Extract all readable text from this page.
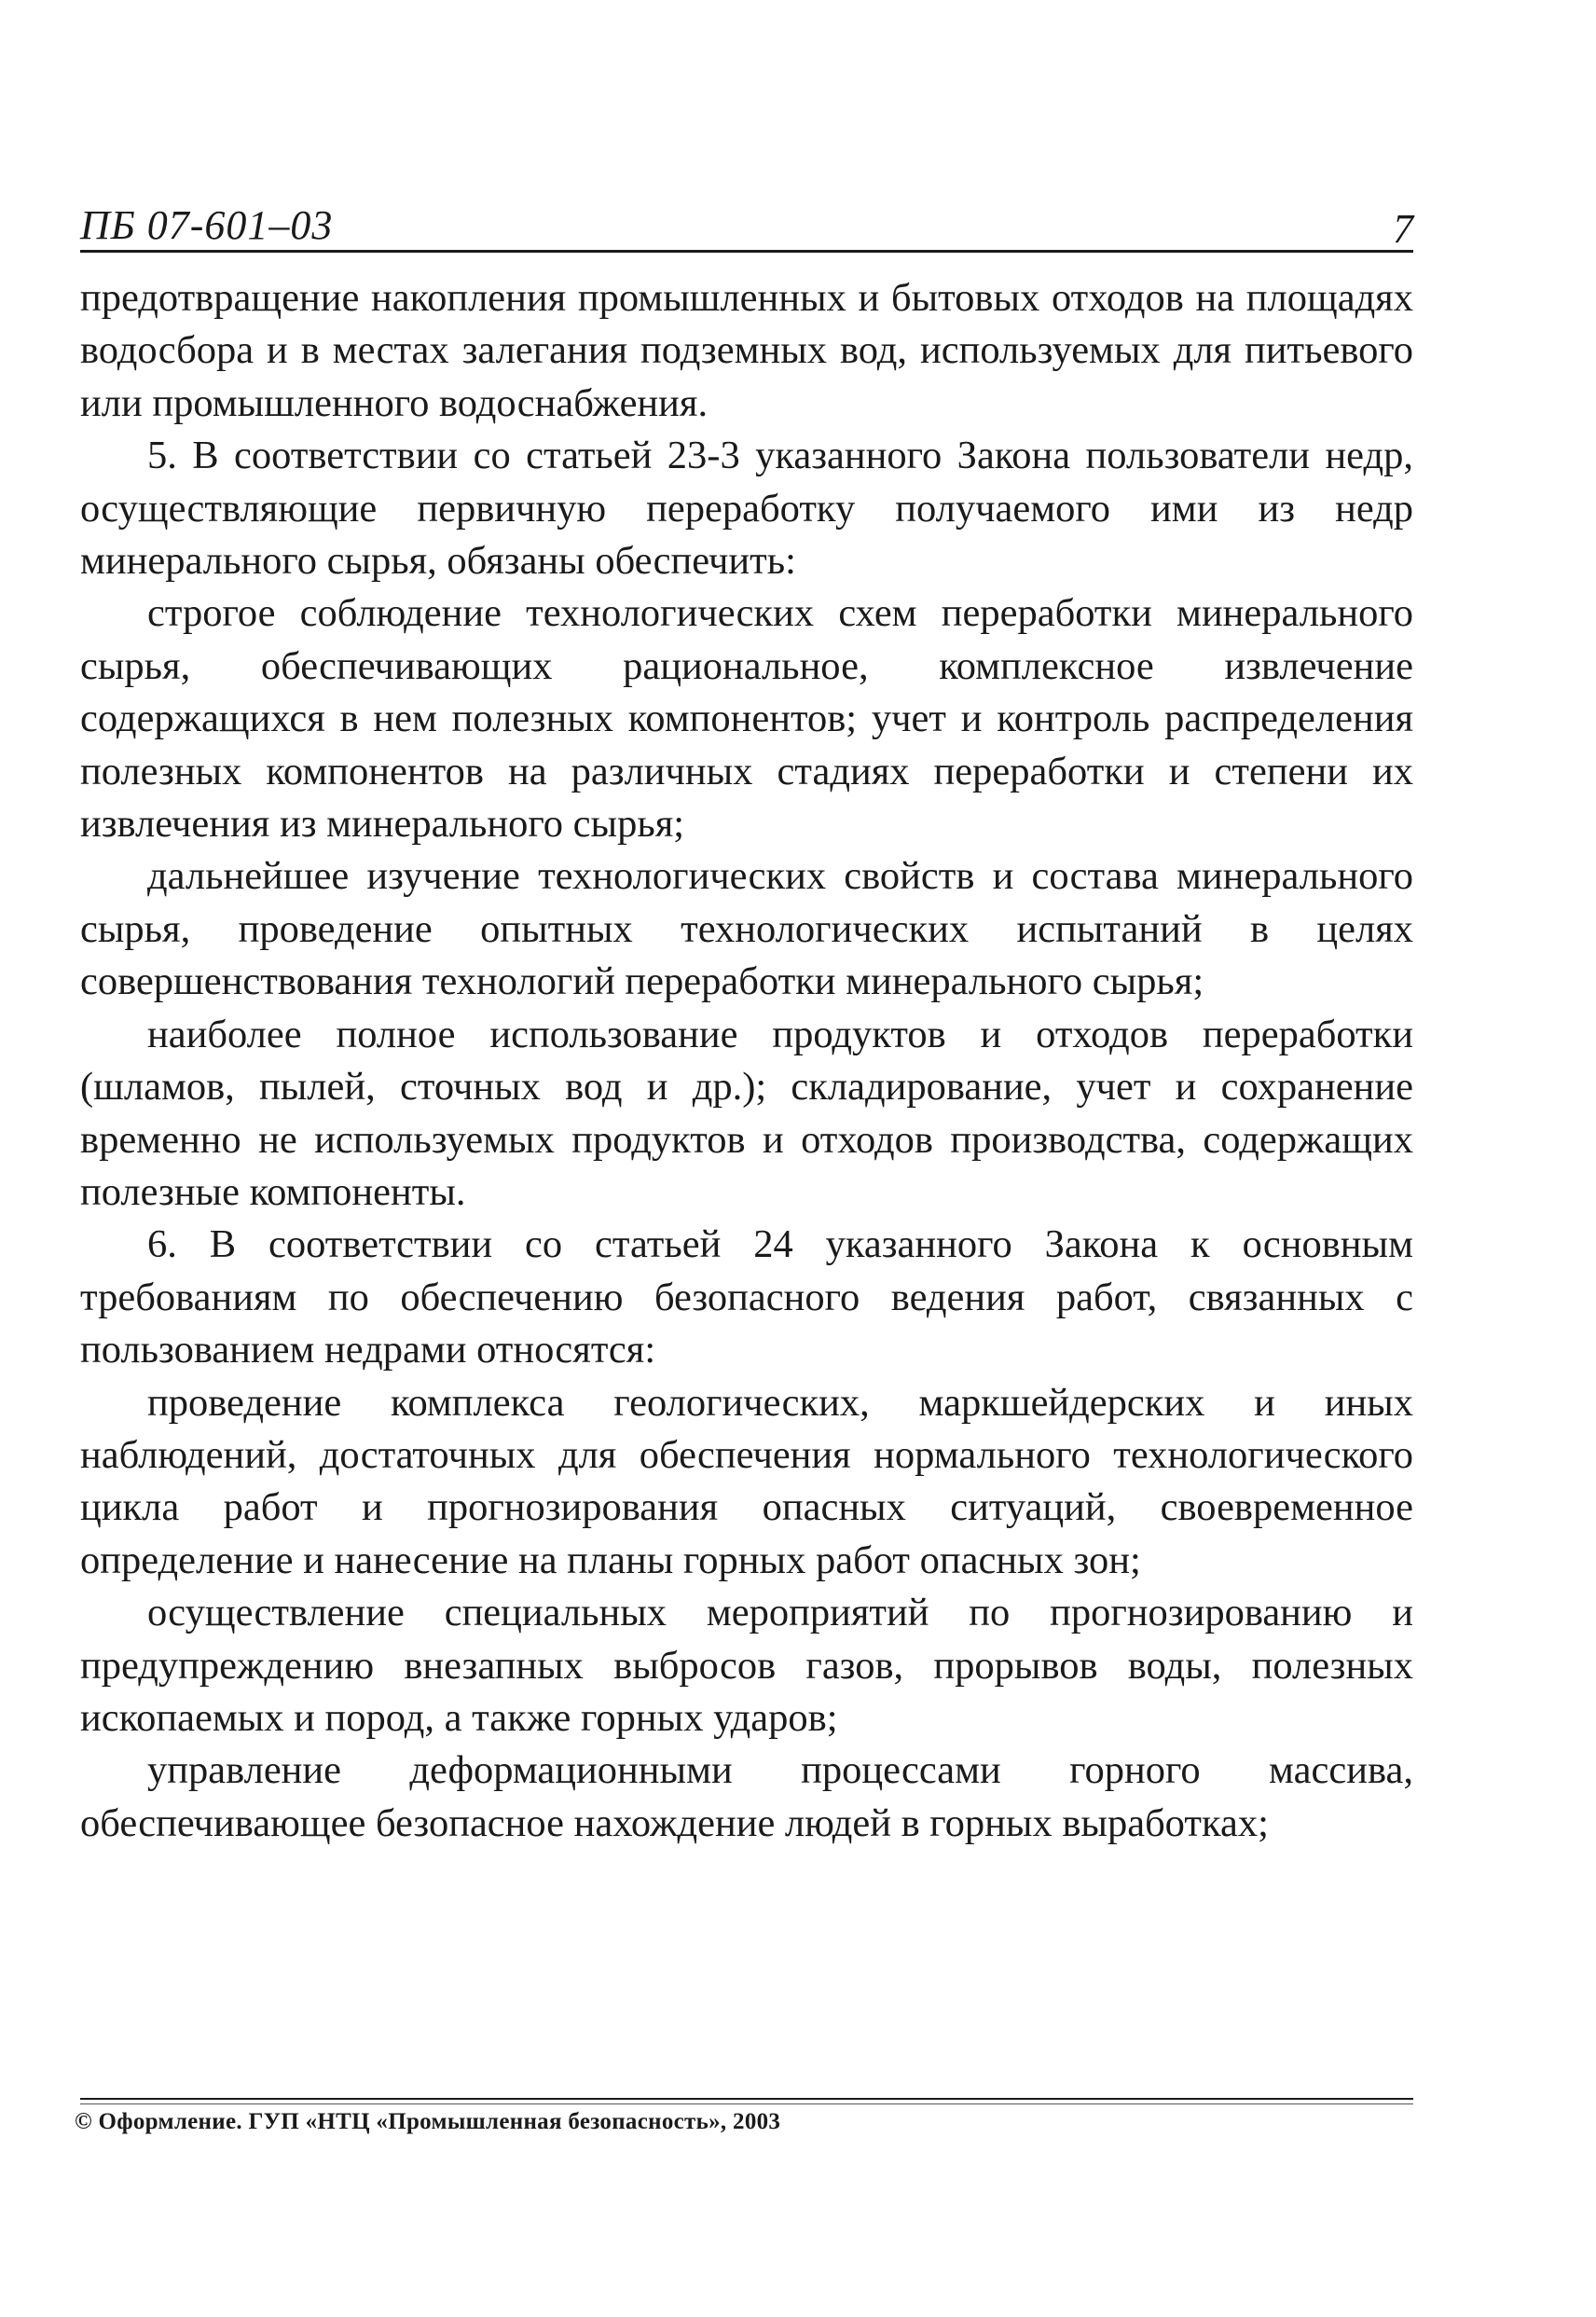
ПБ 07-601–03	7

предотвращение накопления промышленных и бытовых отходов на площадях водосбора и в местах залегания подземных вод, используемых для питьевого или промышленного водоснабжения.

5. В соответствии со статьей 23-3 указанного Закона пользователи недр, осуществляющие первичную переработку получаемого ими из недр минерального сырья, обязаны обеспечить:

строгое соблюдение технологических схем переработки минерального сырья, обеспечивающих рациональное, комплексное извлечение содержащихся в нем полезных компонентов; учет и контроль распределения полезных компонентов на различных стадиях переработки и степени их извлечения из минерального сырья;

дальнейшее изучение технологических свойств и состава минерального сырья, проведение опытных технологических испытаний в целях совершенствования технологий переработки минерального сырья;

наиболее полное использование продуктов и отходов переработки (шламов, пылей, сточных вод и др.); складирование, учет и сохранение временно не используемых продуктов и отходов производства, содержащих полезные компоненты.

6. В соответствии со статьей 24 указанного Закона к основным требованиям по обеспечению безопасного ведения работ, связанных с пользованием недрами относятся:

проведение комплекса геологических, маркшейдерских и иных наблюдений, достаточных для обеспечения нормального технологического цикла работ и прогнозирования опасных ситуаций, своевременное определение и нанесение на планы горных работ опасных зон;

осуществление специальных мероприятий по прогнозированию и предупреждению внезапных выбросов газов, прорывов воды, полезных ископаемых и пород, а также горных ударов;

управление деформационными процессами горного массива, обеспечивающее безопасное нахождение людей в горных выработках;

© Оформление. ГУП «НТЦ «Промышленная безопасность», 2003
